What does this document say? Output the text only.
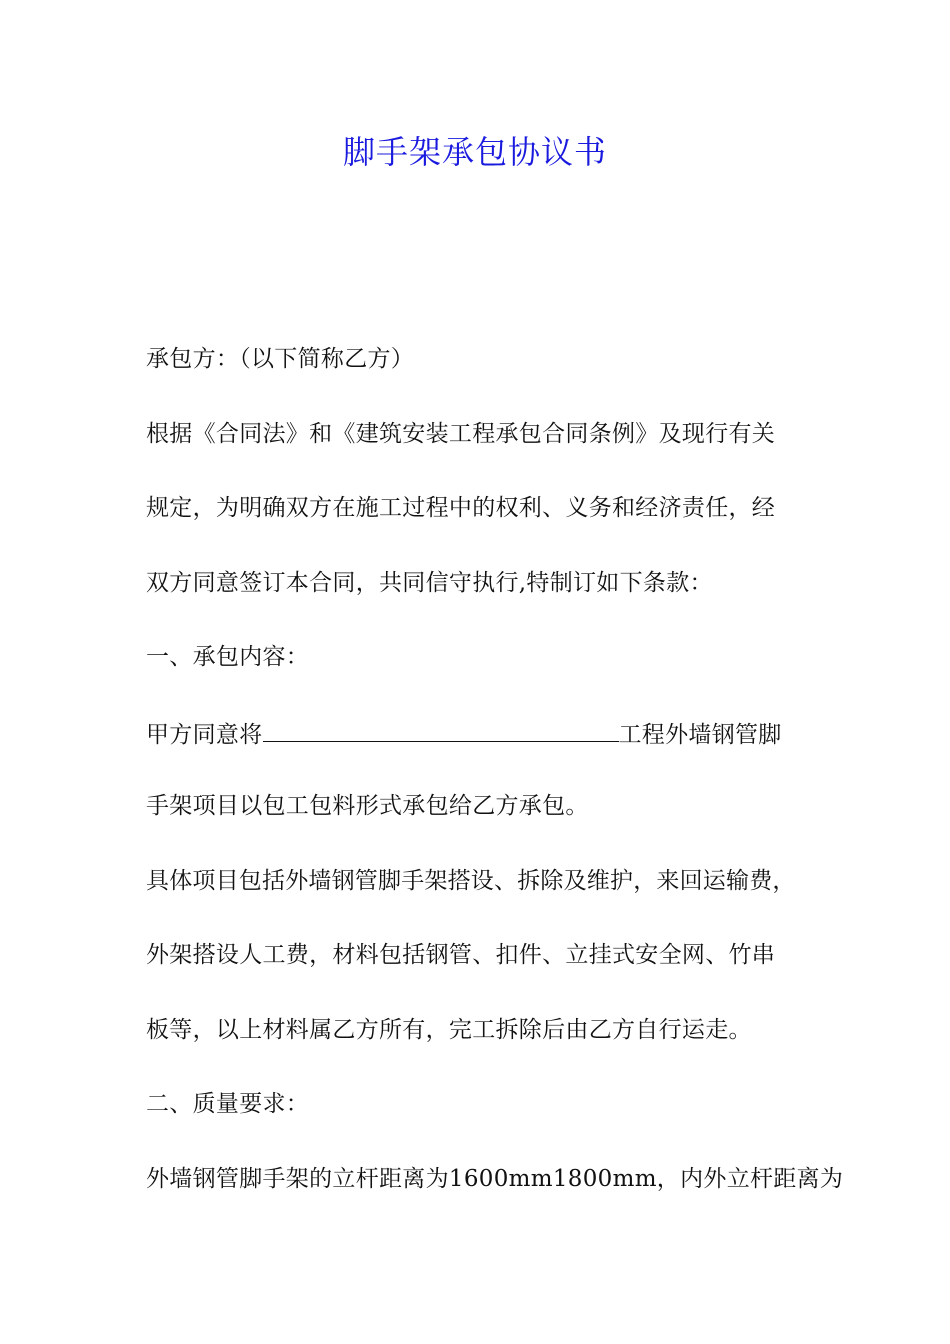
脚手架承包协议书
承包方：（以下简称乙方）
根据《合同法》和《建筑安装工程承包合同条例》及现行有关
规定，为明确双方在施工过程中的权利、义务和经济责任，经
双方同意签订本合同，共同信守执行,特制订如下条款：
一、承包内容：
甲方同意将	工程外墙钢管脚
手架项目以包工包料形式承包给乙方承包。
具体项目包括外墙钢管脚手架搭设、拆除及维护，来回运输费，
外架搭设人工费，材料包括钢管、扣件、立挂式安全网、竹串
板等，以上材料属乙方所有，完工拆除后由乙方自行运走。
二、质量要求：
外墙钢管脚手架的立杆距离为1600mm1800mm，内外立杆距离为
